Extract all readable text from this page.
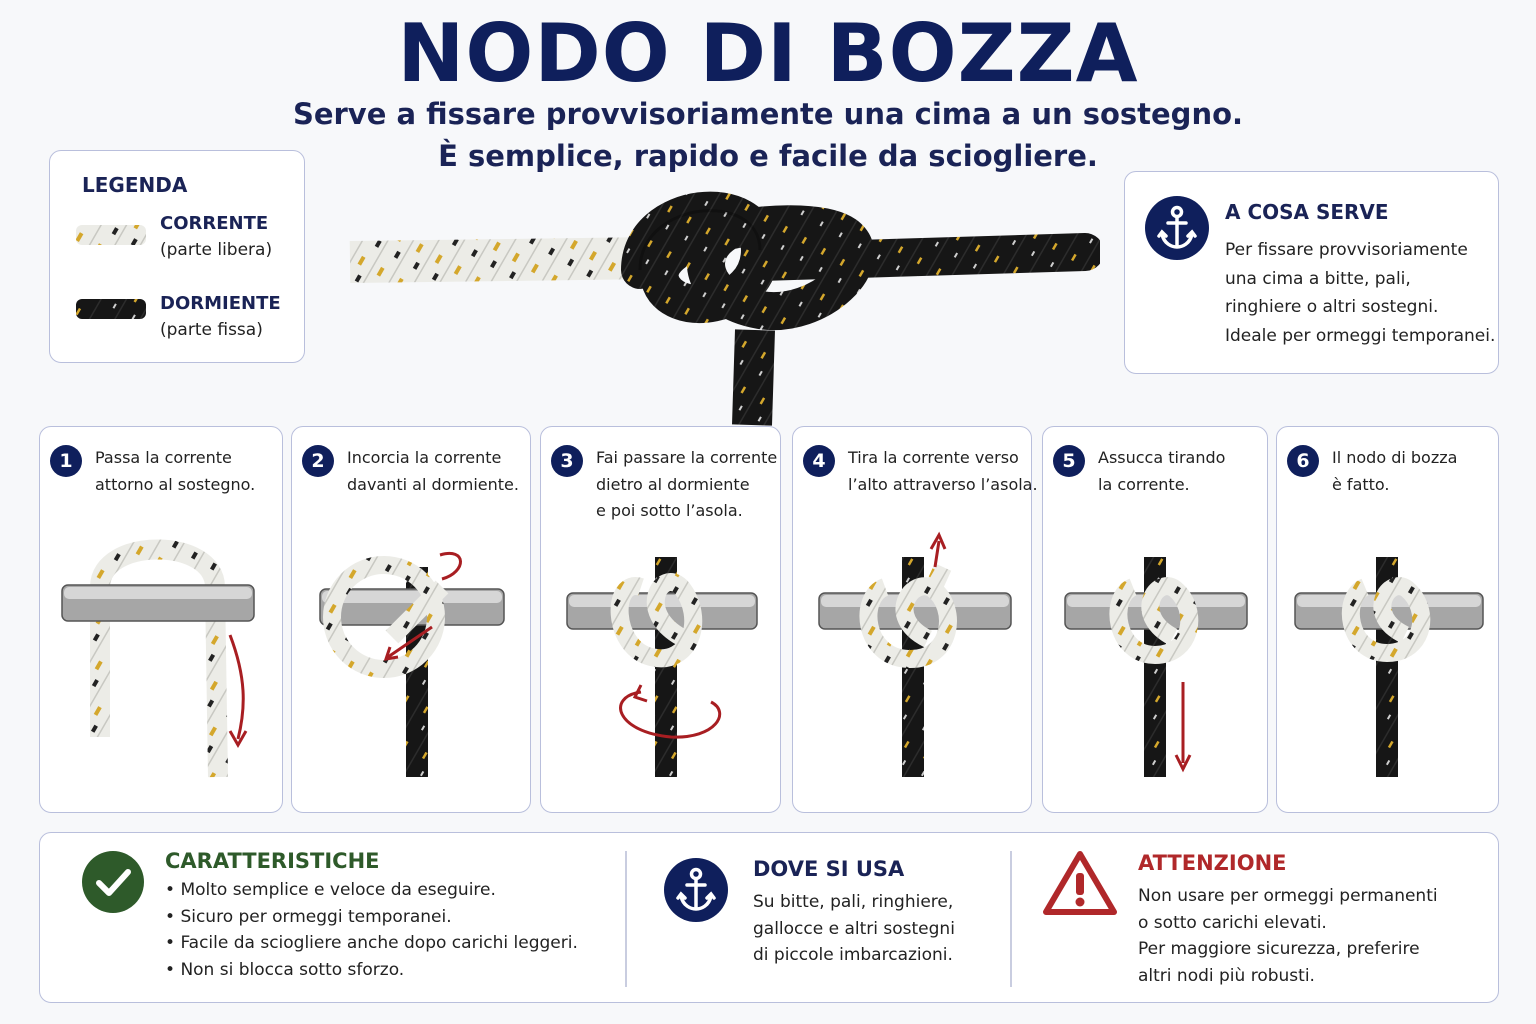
NODO DI BOZZA
Serve a fissare provvisoriamente una cima a un sostegno.
È semplice, rapido e facile da sciogliere.
LEGENDA
CORRENTE
(parte libera)
DORMIENTE
(parte fissa)
A COSA SERVE
Per fissare provvisoriamente
una cima a bitte, pali,
ringhiere o altri sostegni.
Ideale per ormeggi temporanei.
1	Passa la corrente
attorno al sostegno.
2	Incorcia la corrente
davanti al dormiente.
3	Fai passare la corrente
dietro al dormiente
e poi sotto l’asola.
4	Tira la corrente verso
l’alto attraverso l’asola.
5	Assucca tirando
la corrente.
6	Il nodo di bozza
è fatto.
CARATTERISTICHE
• Molto semplice e veloce da eseguire.
• Sicuro per ormeggi temporanei.
• Facile da sciogliere anche dopo carichi leggeri.
• Non si blocca sotto sforzo.
DOVE SI USA
Su bitte, pali, ringhiere,
gallocce e altri sostegni
di piccole imbarcazioni.
ATTENZIONE
Non usare per ormeggi permanenti
o sotto carichi elevati.
Per maggiore sicurezza, preferire
altri nodi più robusti.
